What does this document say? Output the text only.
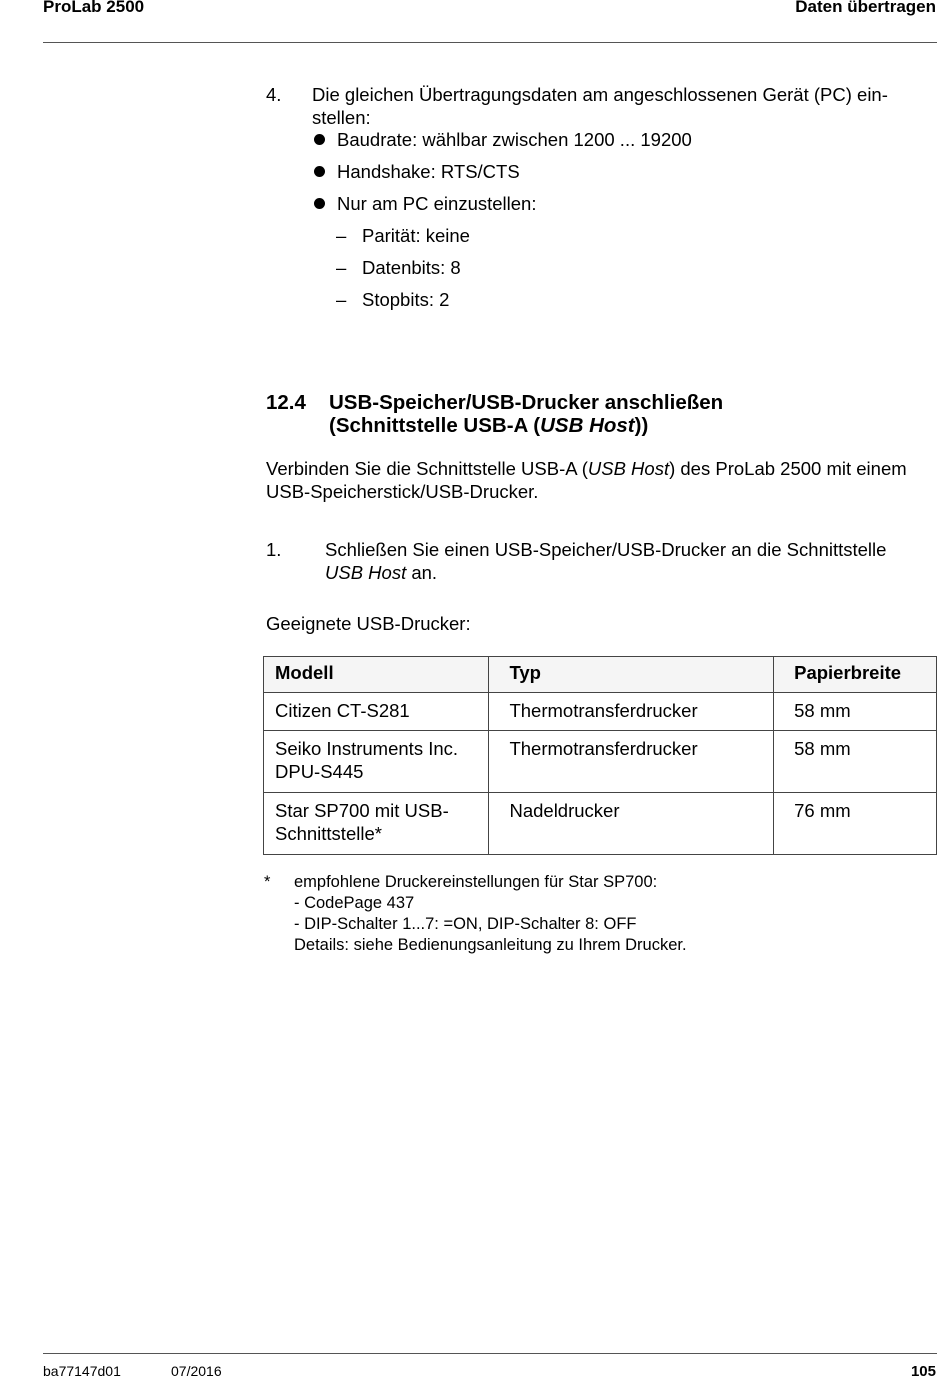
ProLab 2500	Daten übertragen
4. Die gleichen Übertragungsdaten am angeschlossenen Gerät (PC) ein-
stellen:
Baudrate: wählbar zwischen 1200 ... 19200
Handshake: RTS/CTS
Nur am PC einzustellen:
– Parität: keine
– Datenbits: 8
– Stopbits: 2
12.4 USB-Speicher/USB-Drucker anschließen
(Schnittstelle USB-A (USB Host))
Verbinden Sie die Schnittstelle USB-A (USB Host) des ProLab 2500 mit einem
USB-Speicherstick/USB-Drucker.
1. Schließen Sie einen USB-Speicher/USB-Drucker an die Schnittstelle
USB Host an.
Geeignete USB-Drucker:
Modell	Typ	Papierbreite
Citizen CT-S281	Thermotransferdrucker	58 mm
Seiko Instruments Inc.
DPU-S445	Thermotransferdrucker	58 mm
Star SP700 mit USB-
Schnittstelle*	Nadeldrucker	76 mm
* empfohlene Druckereinstellungen für Star SP700:
- CodePage 437
- DIP-Schalter 1...7: =ON, DIP-Schalter 8: OFF
Details: siehe Bedienungsanleitung zu Ihrem Drucker.
ba77147d01	07/2016	105
